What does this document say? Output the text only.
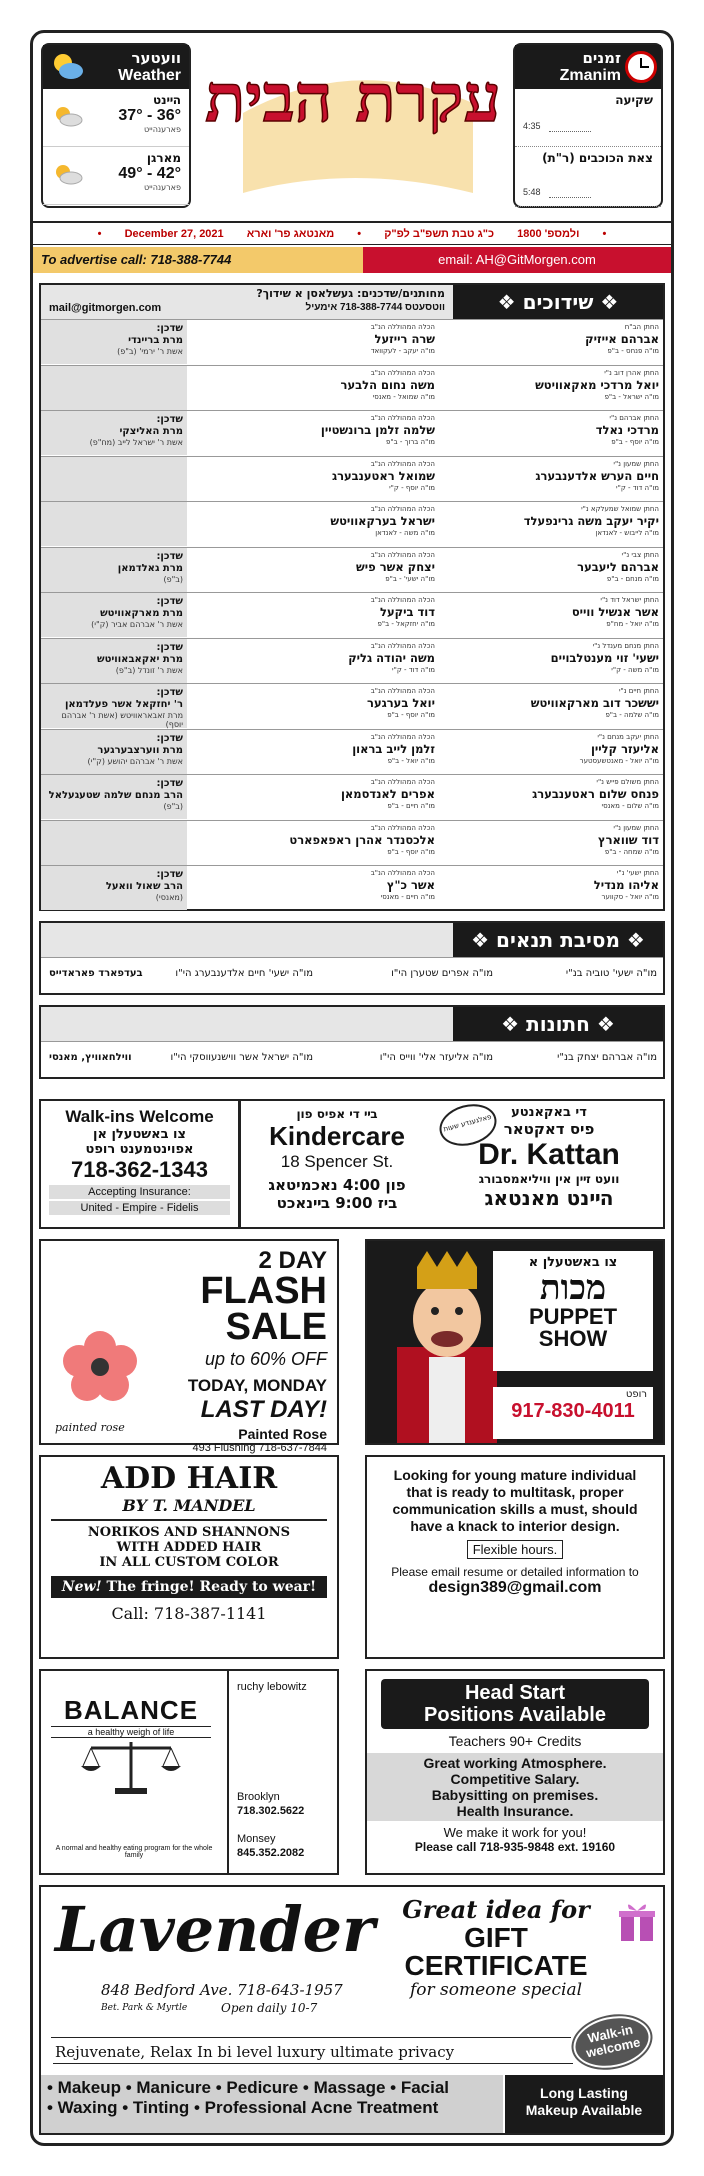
וועטער
Weather
הײנט
37° - 36°
פארענהייט
מארגן
49° - 42°
פארענהייט
עקרת הבית
זמנים
Zmanim
שקיעה
4:35
צאת הכוכבים (ר"ת)
5:48
• December 27, 2021	ולמספ' 1800 כ"ג טבת תשפ"ב לפ"ק • מאנטאג פר' וארא	•
To advertise call: 718-388-7744	email: AH@GitMorgen.com
מחותנים/שדכנים: געשלאסן א שידוך?
ווטסעטס 718-388-7744 אימעיל
mail@gitmorgen.com	❖ שידוכים ❖
החתן הב"ח
אברהם אייזיק
מו"ה פנחס - ב"פ
הכלה המהוללה הנ"ב
שרה רייזעל
מו"ה יעקב - לעקוואד
שדכן:
מרת בריינדי
אשת ר' ירמי' (ב"פ)
החתן אהרן דוב נ"י
יואל מרדכי מאקאוויטש
מו"ה ישראל - ב"פ
הכלה המהוללה הנ"ב
משה נחום הלבער
מו"ה שמואל - מאנסי
החתן אברהם נ"י
מרדכי נאלד
מו"ה יוסף - ב"פ
הכלה המהוללה הנ"ב
שלמה זלמן ברונשטיין
מו"ה ברוך - ב"פ
שדכן:
מרת האליצקי
אשת ר' ישראל לייב (מח"פ)
החתן שמעון נ"י
חיים הערש אלדענבערג
מו"ה דוד - ק"י
הכלה המהוללה הנ"ב
שמואל ראטענבערג
מו"ה יוסף - ק"י
החתן שמואל שמעלקא נ"י
יקיר יעקב משה גרינפעלד
מו"ה לייבוש - לאנדאן
הכלה המהוללה הנ"ב
ישראל בערקאוויטש
מו"ה משה - לאנדאן
החתן צבי נ"י
אברהם ליעבער
מו"ה מנחם - ב"פ
הכלה המהוללה הנ"ב
יצחק אשר פיש
מו"ה ישעי' - ב"פ
שדכן:
מרת גאלדמאן
(ב"פ)
החתן ישראל דוד נ"י
אשר אנשיל ווייס
מו"ה יואל - מח"פ
הכלה המהוללה הנ"ב
דוד ביקעל
מו"ה יחזקאל - ב"פ
שדכן:
מרת מארקאוויטש
אשת ר' אברהם אביר (ק"י)
החתן מנחם מענדל נ"י
ישעי' זוי מענטלבויים
מו"ה משה - ק"י
הכלה המהוללה הנ"ב
משה יהודה גליק
מו"ה דוד - ק"י
שדכן:
מרת יאקאבאוויטש
אשת ר' זונדל (ב"פ)
החתן חיים נ"י
יששכר דוב מארקאוויטש
מו"ה שלמה - ב"פ
הכלה המהוללה הנ"ב
יואל בערגער
מו"ה יוסף - ב"פ
שדכן:
ר' יחזקאל אשר פעלדמאן
מרת זאבאראוויטש (אשת ר' אברהם יוסף)
החתן יעקב מנחם נ"י
אליעזר קליין
מו"ה יואל - מאנטשעסטער
הכלה המהוללה הנ"ב
זלמן לייב בראון
מו"ה יואל - ב"פ
שדכן:
מרת ווערצבערגער
אשת ר' אברהם יהושע (ק"י)
החתן משולם פייש נ"י
פנחס שלום ראטענבערג
מו"ה שלום - מאנסי
הכלה המהוללה הנ"ב
אפרים לאנדסמאן
מו"ה חיים - ב"פ
שדכן:
הרב מנחם שלמה שטעגעלאל
(ב"פ)
החתן שמעון נ"י
דוד שווארץ
מו"ה שמחה - ב"פ
הכלה המהוללה הנ"ב
אלכסנדר אהרן ראפאפארט
מו"ה יוסף - ב"פ
החתן ישעי' נ"י
אליהו מנדיל
מו"ה יואל - סקווער
הכלה המהוללה הנ"ב
אשר כ"ץ
מו"ה חיים - מאנסי
שדכן:
הרב שאול וואעל
(מאנסי)
❖ מסיבת תנאים ❖
מו"ה ישעי' טוביה בנ"י
מו"ה אפרים שטערן הי"ו
מו"ה ישעי' חיים אלדענבערג הי"ו
בעדפארד פאראדייס
❖ חתונות ❖
מו"ה אברהם יצחק בנ"י
מו"ה אליעזר אלי' ווייס הי"ו
מו"ה ישראל אשר ווישנעווסקי הי"ו
ווילחאוויץ, מאנסי
Walk-ins Welcome
צו באשטעלן אן
אפוינטמענט רופט
718-362-1343
Accepting Insurance:
United - Empire - Fidelis
בײ די אפיס פון
Kindercare
18 Spencer St.
פון 4:00 נאכמיטאג
ביז 9:00 בײנאכט
פאלגענדע שעות
די באקאנטע
פיס דאקטאר
Dr. Kattan
וועט זײן אין וויליאמסבורג
הײנט מאנטאג
2 DAY
FLASH
SALE
up to 60% OFF
TODAY, MONDAY
LAST DAY!
Painted Rose
493 Flushing 718-637-7844
painted rose
צו באשטעלן א
מכות
PUPPET
SHOW
רופט
917-830-4011
ADD HAIR
BY T. MANDEL
NORIKOS AND SHANNONS
WITH ADDED HAIR
IN ALL CUSTOM COLOR
New! The fringe! Ready to wear!
Call: 718-387-1141
Looking for young mature individual that is ready to multitask, proper communication skills a must, should have a knack to interior design.
Flexible hours.
Please email resume or detailed information to
design389@gmail.com
BALANCE
a healthy weigh of life
A normal and healthy eating program for the whole family
ruchy lebowitz
Brooklyn
718.302.5622
Monsey
845.352.2082
Head Start
Positions Available
Teachers 90+ Credits
Great working Atmosphere.
Competitive Salary.
Babysitting on premises.
Health Insurance.
We make it work for you!
Please call 718-935-9848 ext. 19160
Lavender
848 Bedford Ave. 718-643-1957
Bet. Park & Myrtle	Open daily 10-7
Great idea for
GIFT
CERTIFICATE
for someone special
Rejuvenate, Relax In bi level luxury ultimate privacy
Walk-in welcome
• Makeup • Manicure • Pedicure • Massage • Facial
• Waxing • Tinting • Professional Acne Treatment
Long Lasting
Makeup Available
